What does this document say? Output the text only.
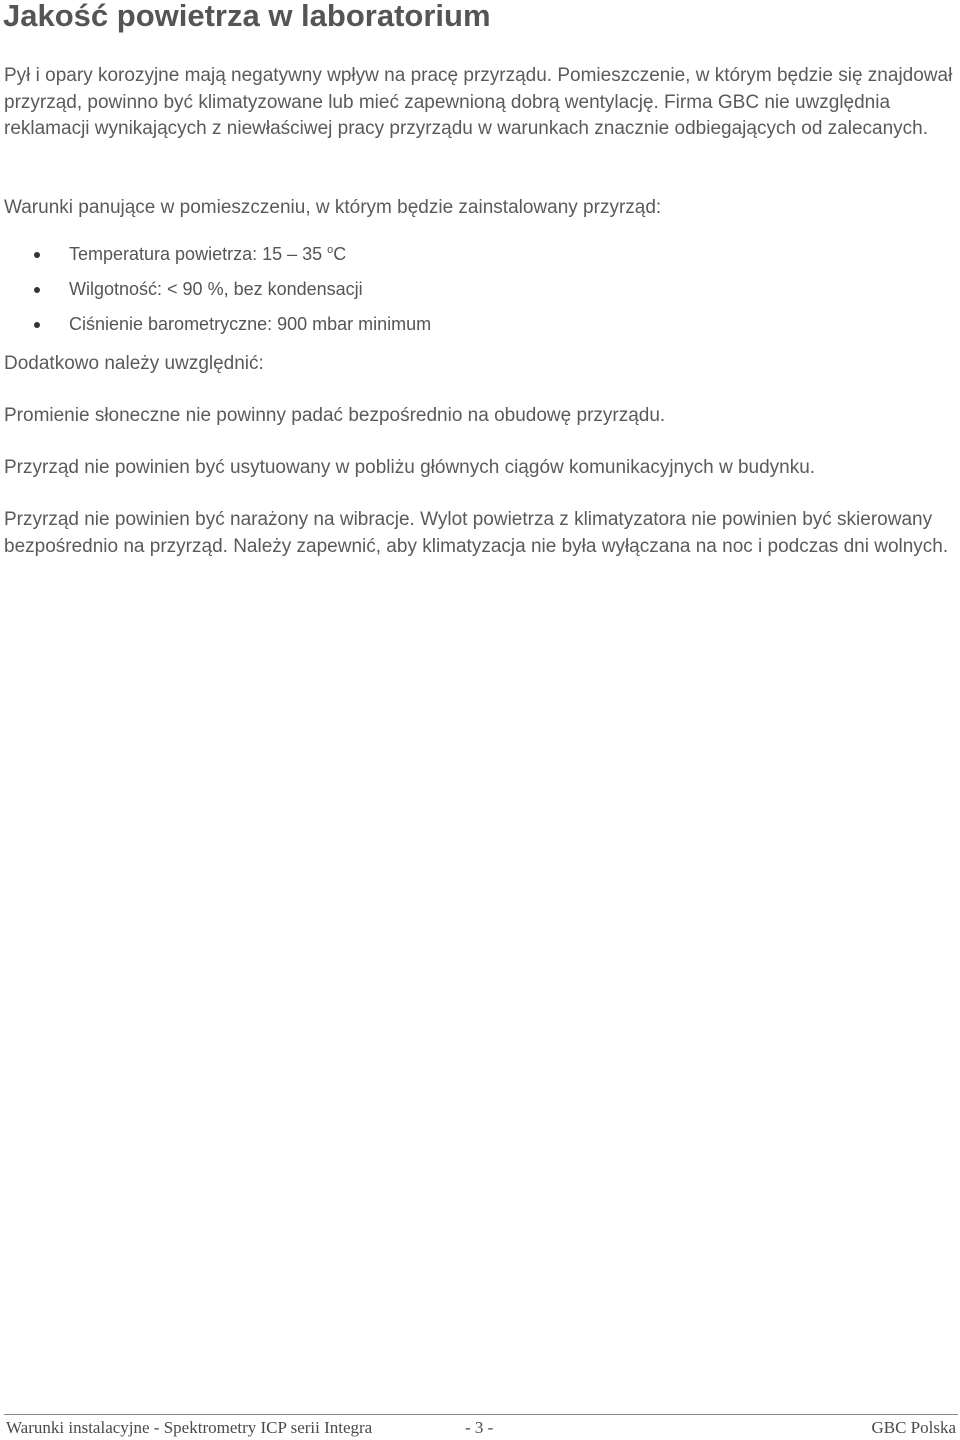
Jakość powietrza w laboratorium

Pył i opary korozyjne mają negatywny wpływ na pracę przyrządu. Pomieszczenie, w którym będzie się znajdował przyrząd, powinno być klimatyzowane lub mieć zapewnioną dobrą wentylację. Firma GBC nie uwzględnia reklamacji wynikających z niewłaściwej pracy przyrządu w warunkach znacznie odbiegających od zalecanych.

Warunki panujące w pomieszczeniu, w którym będzie zainstalowany przyrząd:

Temperatura powietrza: 15 – 35 $^o$C
Wilgotność: < 90 %, bez kondensacji
Ciśnienie barometryczne: 900 mbar minimum

Dodatkowo należy uwzględnić:

Promienie słoneczne nie powinny padać bezpośrednio na obudowę przyrządu.

Przyrząd nie powinien być usytuowany w pobliżu głównych ciągów komunikacyjnych w budynku.

Przyrząd nie powinien być narażony na wibracje. Wylot powietrza z klimatyzatora nie powinien być skierowany bezpośrednio na przyrząd. Należy zapewnić, aby klimatyzacja nie była wyłączana na noc i podczas dni wolnych.

Warunki instalacyjne - Spektrometry ICP serii Integra	- 3 -	GBC Polska
